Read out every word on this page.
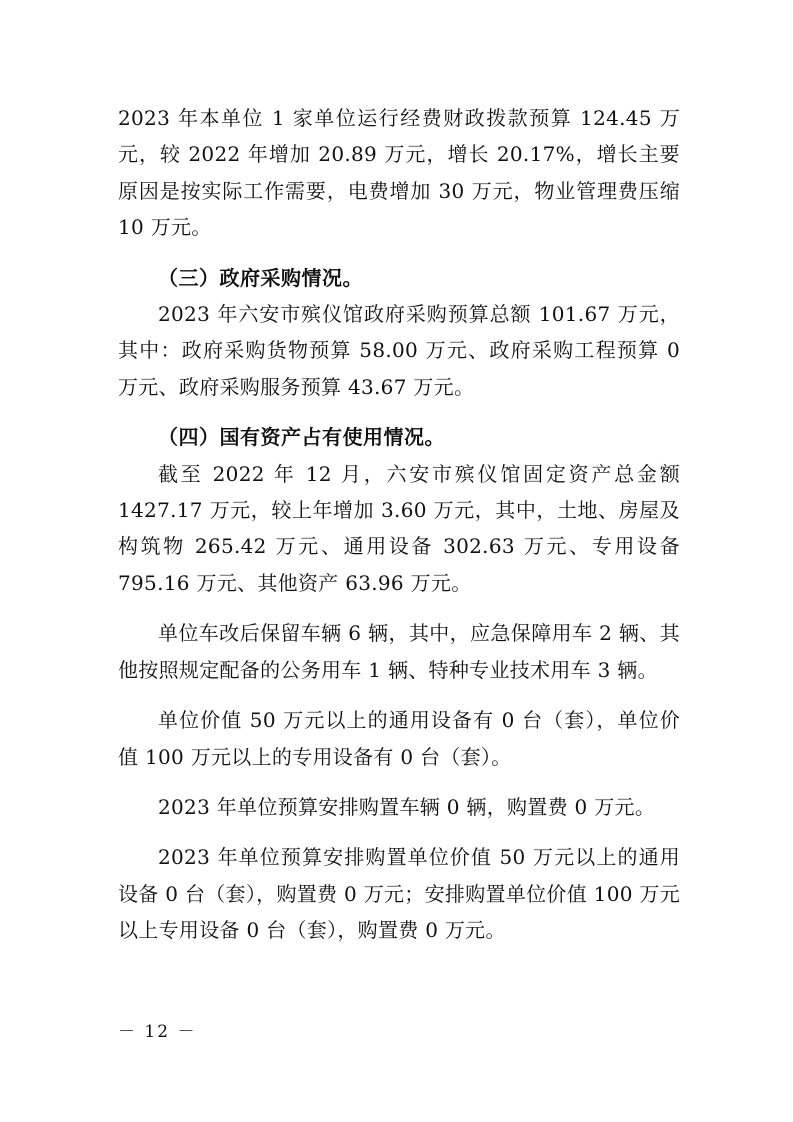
2023 年本单位 1 家单位运行经费财政拨款预算 124.45 万元，较 2022 年增加 20.89 万元，增长 20.17%，增长主要原因是按实际工作需要，电费增加 30 万元，物业管理费压缩 10 万元。

（三）政府采购情况。

2023 年六安市殡仪馆政府采购预算总额 101.67 万元，其中：政府采购货物预算 58.00 万元、政府采购工程预算 0 万元、政府采购服务预算 43.67 万元。

（四）国有资产占有使用情况。

截至 2022 年 12 月，六安市殡仪馆固定资产总金额 1427.17 万元，较上年增加 3.60 万元，其中，土地、房屋及构筑物 265.42 万元、通用设备 302.63 万元、专用设备 795.16 万元、其他资产 63.96 万元。

单位车改后保留车辆 6 辆，其中，应急保障用车 2 辆、其他按照规定配备的公务用车 1 辆、特种专业技术用车 3 辆。

单位价值 50 万元以上的通用设备有 0 台（套），单位价值 100 万元以上的专用设备有 0 台（套）。

2023 年单位预算安排购置车辆 0 辆，购置费 0 万元。

2023 年单位预算安排购置单位价值 50 万元以上的通用设备 0 台（套），购置费 0 万元；安排购置单位价值 100 万元以上专用设备 0 台（套），购置费 0 万元。

－ 12 －
